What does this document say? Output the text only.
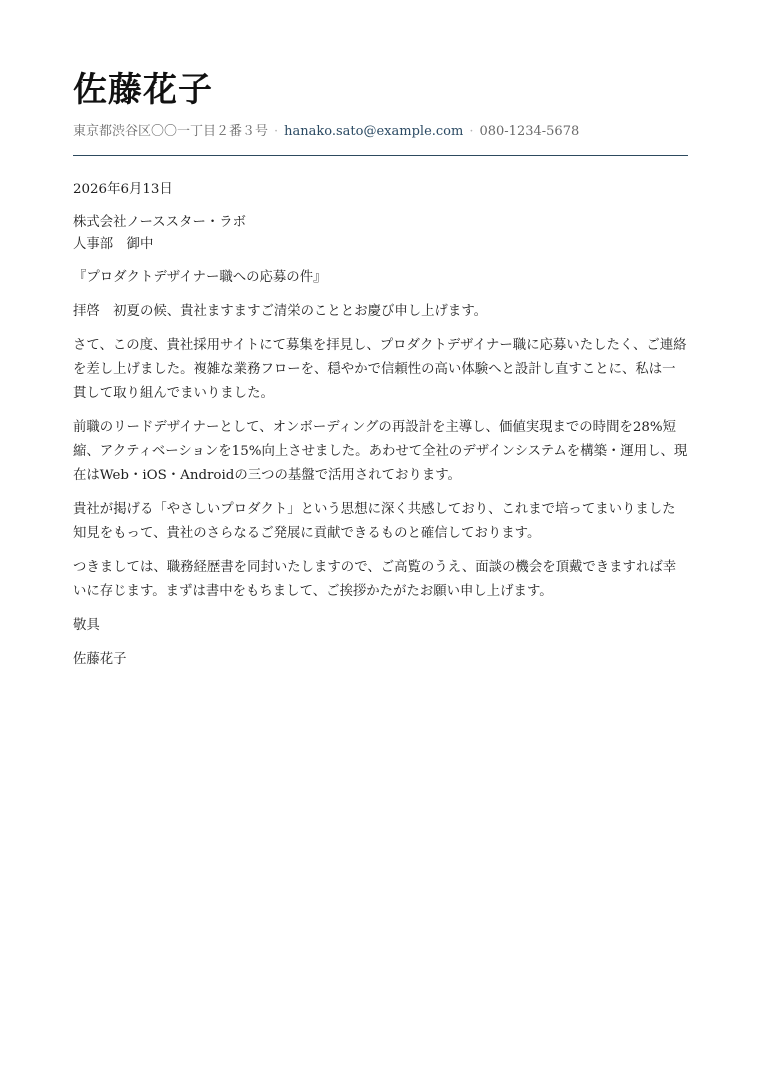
佐藤花子
東京都渋谷区〇〇一丁目２番３号 · hanako.sato@example.com · 080-1234-5678

2026年6月13日

株式会社ノーススター・ラボ
人事部　御中

『プロダクトデザイナー職への応募の件』

拝啓　初夏の候、貴社ますますご清栄のこととお慶び申し上げます。

さて、この度、貴社採用サイトにて募集を拝見し、プロダクトデザイナー職に応募いたしたく、ご連絡を差し上げました。複雑な業務フローを、穏やかで信頼性の高い体験へと設計し直すことに、私は一貫して取り組んでまいりました。

前職のリードデザイナーとして、オンボーディングの再設計を主導し、価値実現までの時間を28%短縮、アクティベーションを15%向上させました。あわせて全社のデザインシステムを構築・運用し、現在はWeb・iOS・Androidの三つの基盤で活用されております。

貴社が掲げる「やさしいプロダクト」という思想に深く共感しており、これまで培ってまいりました知見をもって、貴社のさらなるご発展に貢献できるものと確信しております。

つきましては、職務経歴書を同封いたしますので、ご高覧のうえ、面談の機会を頂戴できますれば幸いに存じます。まずは書中をもちまして、ご挨拶かたがたお願い申し上げます。

敬具

佐藤花子
